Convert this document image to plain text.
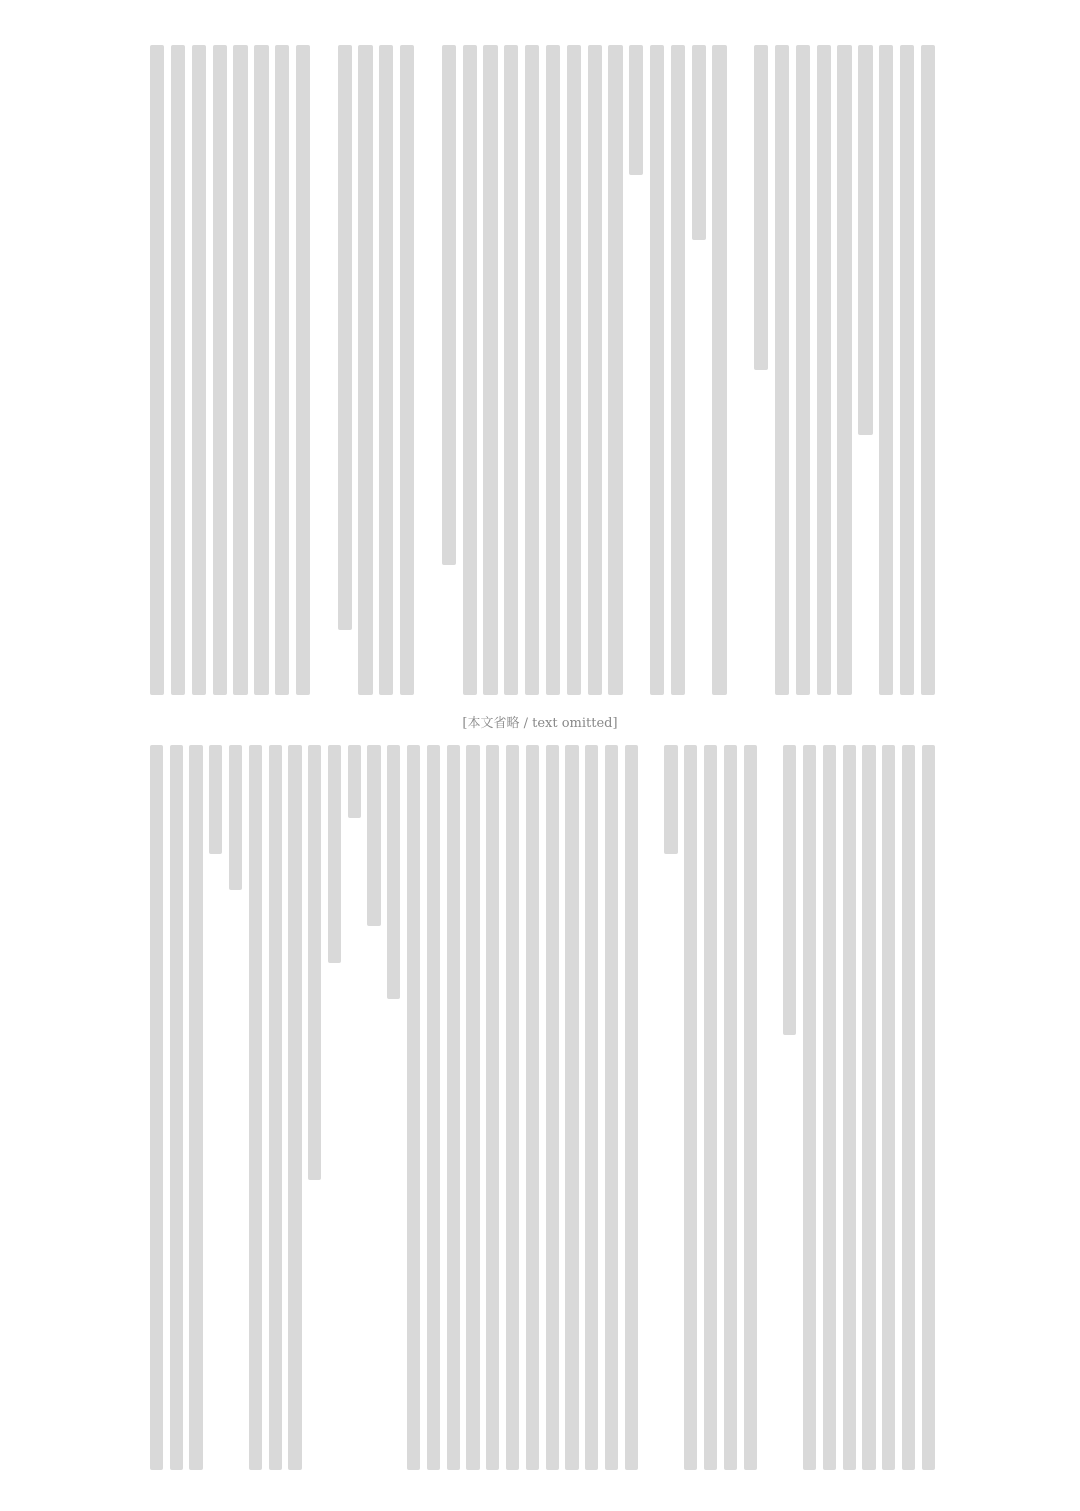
[本文省略 / text omitted]
